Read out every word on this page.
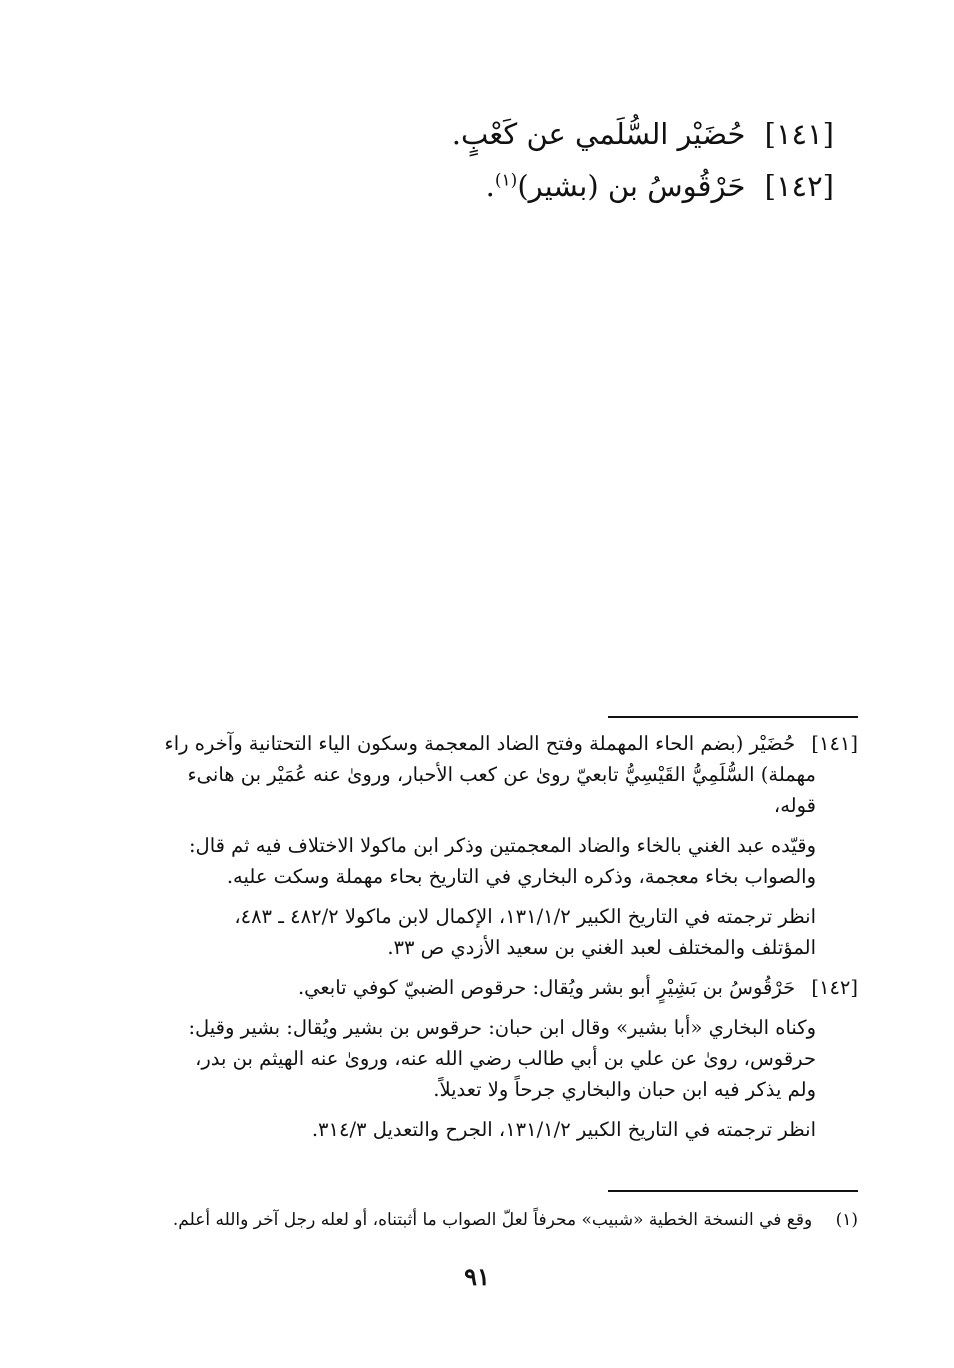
[١٤١] حُضَيْر السُّلَمي عن كَعْبٍ.
[١٤٢] حَرْقُوسُ بن (بشير)$^{(١)}$.
[١٤١] حُضَيْر (بضم الحاء المهملة وفتح الضاد المعجمة وسكون الياء التحتانية وآخره راء
مهملة) السُّلَمِيُّ القَيْسِيُّ تابعيّ روىٰ عن كعب الأحبار، وروىٰ عنه عُمَيْر بن هانىء
قوله،
وقيّده عبد الغني بالخاء والضاد المعجمتين وذكر ابن ماكولا الاختلاف فيه ثم قال:
والصواب بخاء معجمة، وذكره البخاري في التاريخ بحاء مهملة وسكت عليه.
انظر ترجمته في التاريخ الكبير ١٣١/١/٢، الإكمال لابن ماكولا ٤٨٢/٢ ـ ٤٨٣،
المؤتلف والمختلف لعبد الغني بن سعيد الأزدي ص ٣٣.
[١٤٢] حَرْقُوسُ بن بَشِيْرٍ أبو بشر ويُقال: حرقوص الضبيّ كوفي تابعي.
وكناه البخاري «أبا بشير» وقال ابن حبان: حرقوس بن بشير ويُقال: بشير وقيل:
حرقوس، روىٰ عن علي بن أبي طالب رضي الله عنه، وروىٰ عنه الهيثم بن بدر،
ولم يذكر فيه ابن حبان والبخاري جرحاً ولا تعديلاً.
انظر ترجمته في التاريخ الكبير ١٣١/١/٢، الجرح والتعديل ٣١٤/٣.
(١) وقع في النسخة الخطية «شبيب» محرفاً لعلّ الصواب ما أثبتناه، أو لعله رجل آخر والله أعلم.
٩١
